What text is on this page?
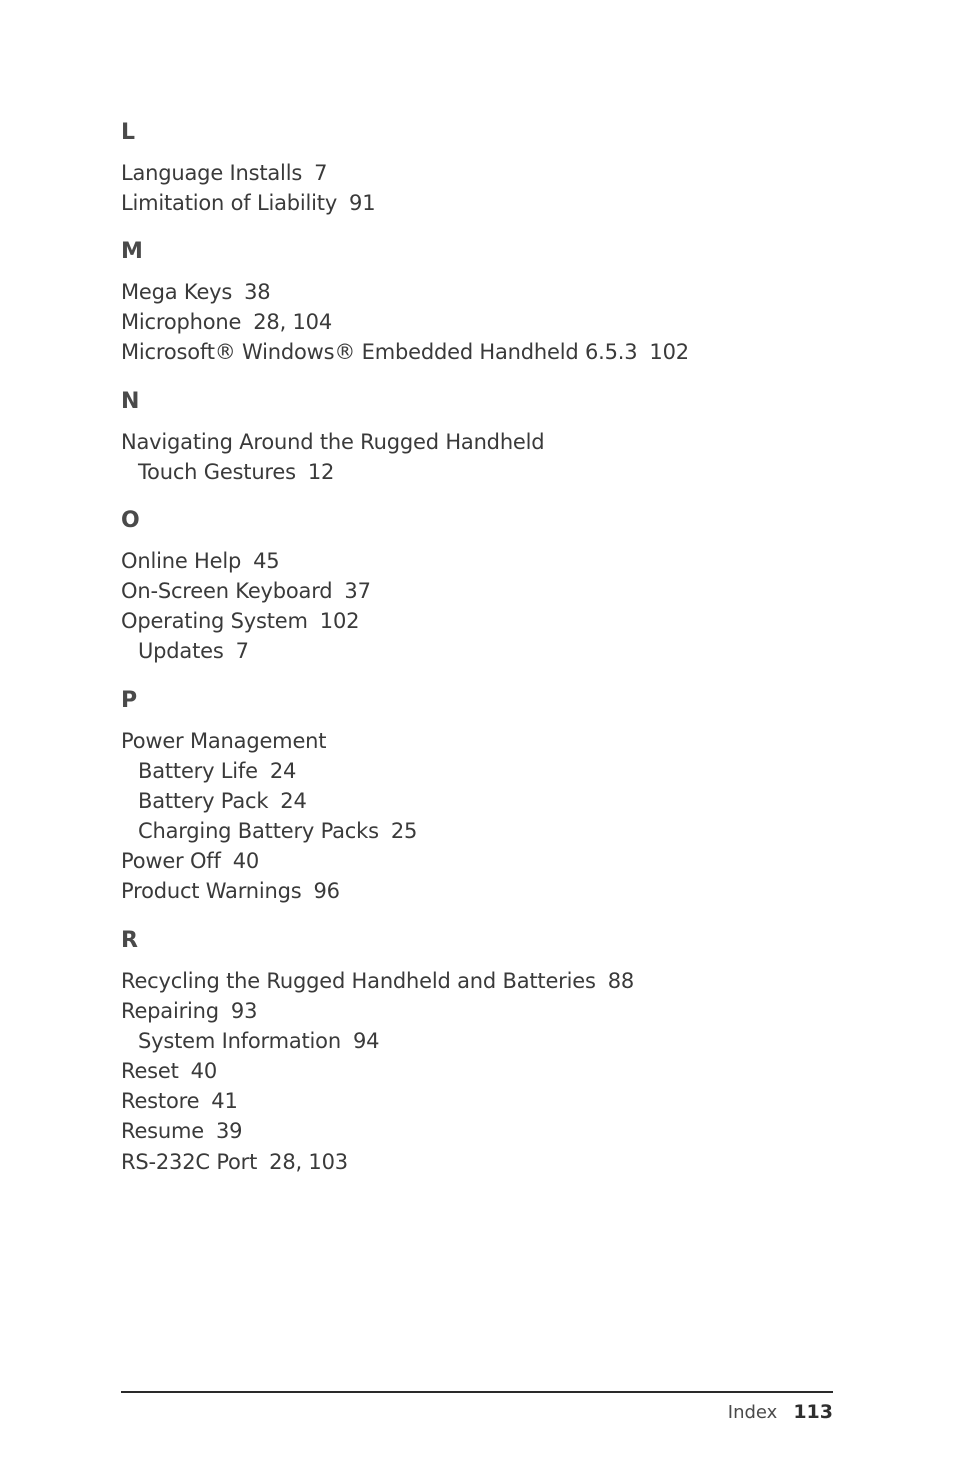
L
Language Installs 7
Limitation of Liability 91
M
Mega Keys 38
Microphone 28, 104
Microsoft® Windows® Embedded Handheld 6.5.3 102
N
Navigating Around the Rugged Handheld
Touch Gestures 12
O
Online Help 45
On-Screen Keyboard 37
Operating System 102
Updates 7
P
Power Management
Battery Life 24
Battery Pack 24
Charging Battery Packs 25
Power Off 40
Product Warnings 96
R
Recycling the Rugged Handheld and Batteries 88
Repairing 93
System Information 94
Reset 40
Restore 41
Resume 39
RS-232C Port 28, 103
Index 113
